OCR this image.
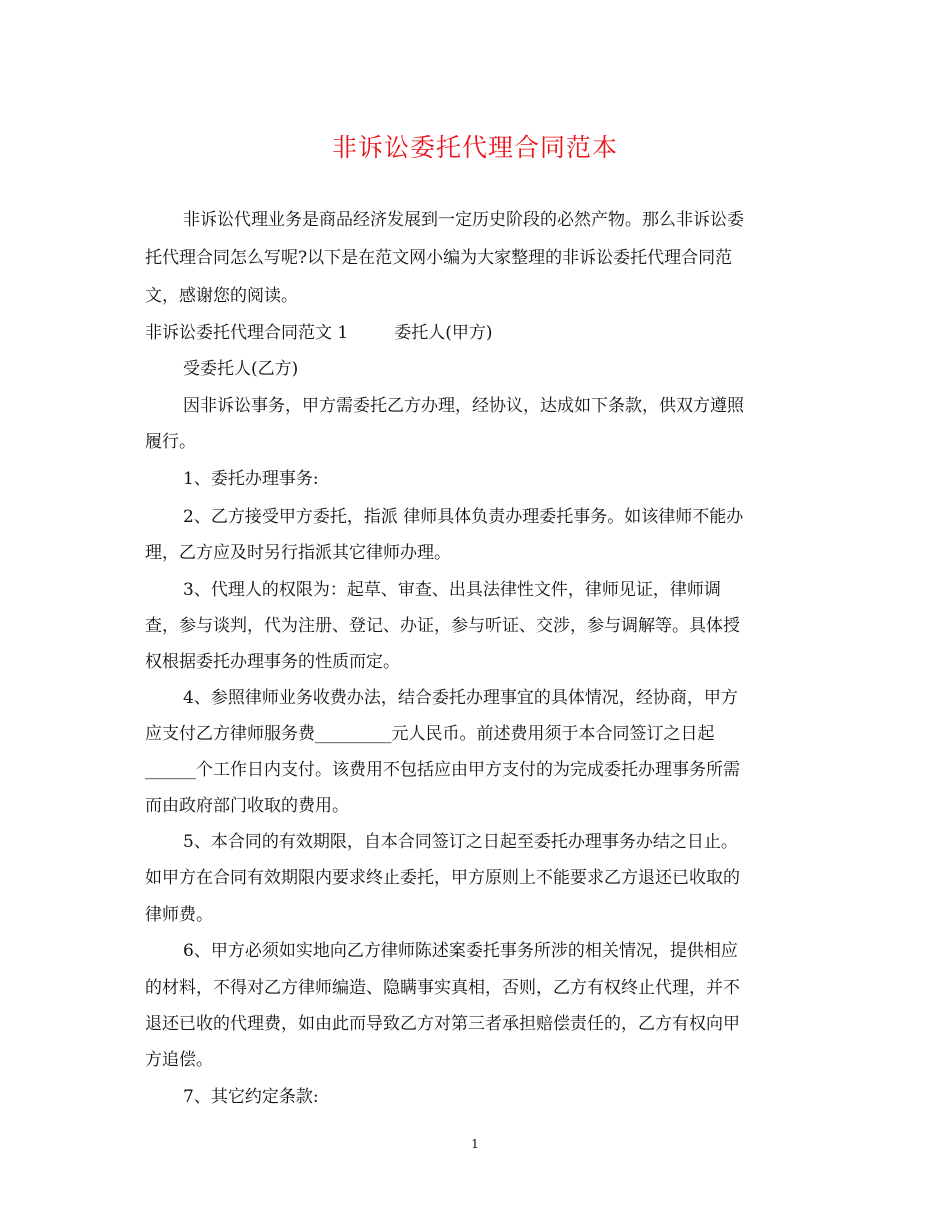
非诉讼委托代理合同范本
非诉讼代理业务是商品经济发展到一定历史阶段的必然产物。那么非诉讼委
托代理合同怎么写呢?以下是在范文网小编为大家整理的非诉讼委托代理合同范
文，感谢您的阅读。
非诉讼委托代理合同范文 1	委托人(甲方)
受委托人(乙方)
因非诉讼事务，甲方需委托乙方办理，经协议，达成如下条款，供双方遵照
履行。
1、委托办理事务:
2、乙方接受甲方委托，指派 律师具体负责办理委托事务。如该律师不能办
理，乙方应及时另行指派其它律师办理。
3、代理人的权限为：起草、审查、出具法律性文件，律师见证，律师调
查，参与谈判，代为注册、登记、办证，参与听证、交涉，参与调解等。具体授
权根据委托办理事务的性质而定。
4、参照律师业务收费办法，结合委托办理事宜的具体情况，经协商，甲方
应支付乙方律师服务费_________元人民币。前述费用须于本合同签订之日起
______个工作日内支付。该费用不包括应由甲方支付的为完成委托办理事务所需
而由政府部门收取的费用。
5、本合同的有效期限，自本合同签订之日起至委托办理事务办结之日止。
如甲方在合同有效期限内要求终止委托，甲方原则上不能要求乙方退还已收取的
律师费。
6、甲方必须如实地向乙方律师陈述案委托事务所涉的相关情况，提供相应
的材料，不得对乙方律师编造、隐瞒事实真相，否则，乙方有权终止代理，并不
退还已收的代理费，如由此而导致乙方对第三者承担赔偿责任的，乙方有权向甲
方追偿。
7、其它约定条款:
1
